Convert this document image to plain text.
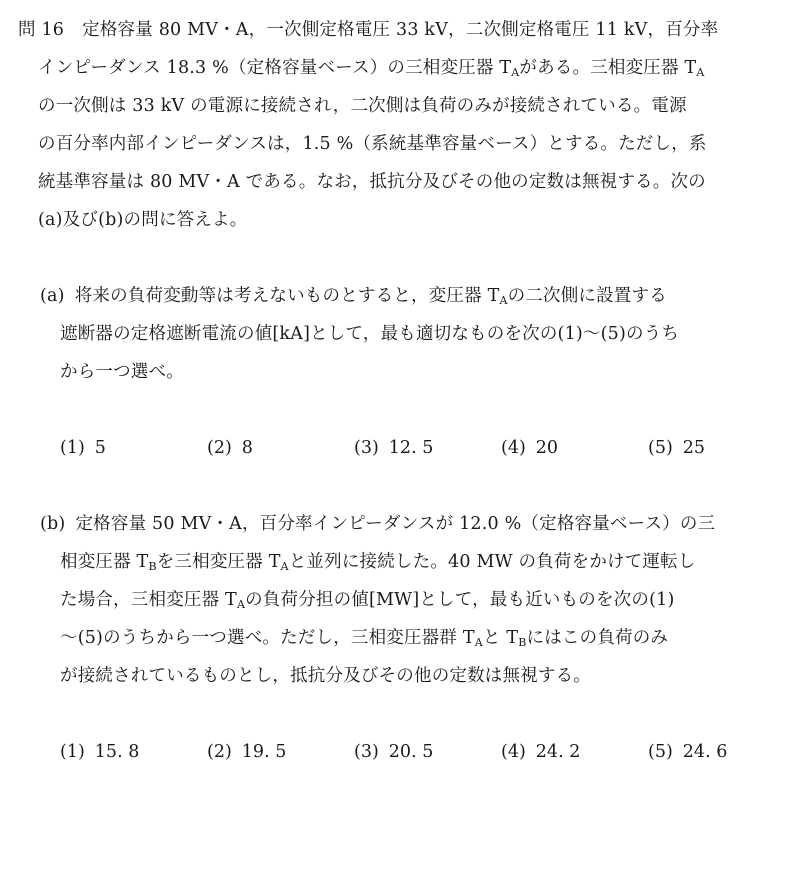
問 16 定格容量 80 MV・A，一次側定格電圧 33 kV，二次側定格電圧 11 kV，百分率
インピーダンス 18.3 %（定格容量ベース）の三相変圧器 $T_A$がある。三相変圧器 $T_A$
の一次側は 33 kV の電源に接続され，二次側は負荷のみが接続されている。電源
の百分率内部インピーダンスは，1.5 %（系統基準容量ベース）とする。ただし，系
統基準容量は 80 MV・A である。なお，抵抗分及びその他の定数は無視する。次の
(a)及び(b)の問に答えよ。
(a) 将来の負荷変動等は考えないものとすると，変圧器 $T_A$の二次側に設置する
遮断器の定格遮断電流の値[kA]として，最も適切なものを次の(1)～(5)のうち
から一つ選べ。
(1) 5	(2) 8	(3) 12. 5	(4) 20	(5) 25
(b) 定格容量 50 MV・A，百分率インピーダンスが 12.0 %（定格容量ベース）の三
相変圧器 $T_B$を三相変圧器 $T_A$と並列に接続した。40 MW の負荷をかけて運転し
た場合，三相変圧器 $T_A$の負荷分担の値[MW]として，最も近いものを次の(1)
～(5)のうちから一つ選べ。ただし，三相変圧器群 $T_A$と $T_B$にはこの負荷のみ
が接続されているものとし，抵抗分及びその他の定数は無視する。
(1) 15. 8	(2) 19. 5	(3) 20. 5	(4) 24. 2	(5) 24. 6
